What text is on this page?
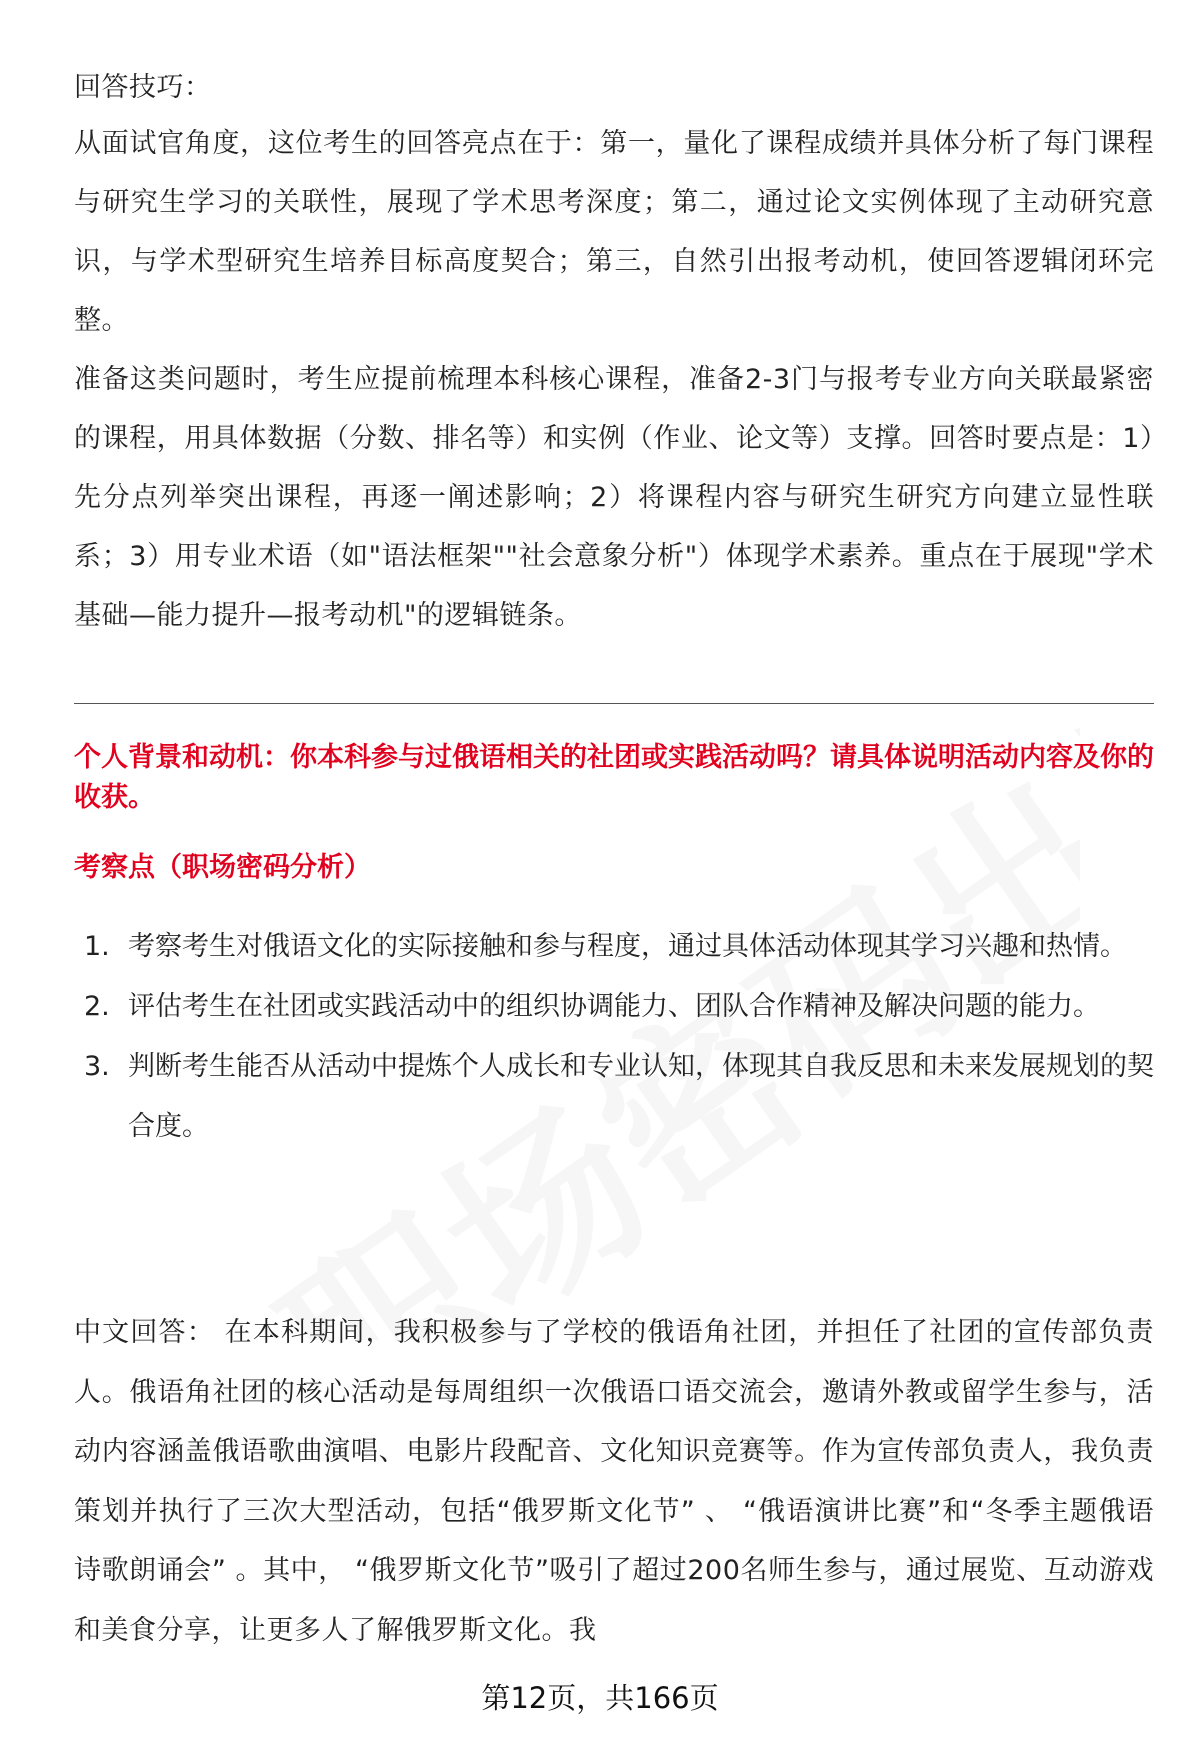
回答技巧：

从面试官角度，这位考生的回答亮点在于：第一，量化了课程成绩并具体分析了每门课程与研究生学习的关联性，展现了学术思考深度；第二，通过论文实例体现了主动研究意识，与学术型研究生培养目标高度契合；第三，自然引出报考动机，使回答逻辑闭环完整。

准备这类问题时，考生应提前梳理本科核心课程，准备2-3门与报考专业方向关联最紧密的课程，用具体数据（分数、排名等）和实例（作业、论文等）支撑。回答时要点是：1）先分点列举突出课程，再逐一阐述影响；2）将课程内容与研究生研究方向建立显性联系；3）用专业术语（如"语法框架""社会意象分析"）体现学术素养。重点在于展现"学术基础—能力提升—报考动机"的逻辑链条。

个人背景和动机：你本科参与过俄语相关的社团或实践活动吗？请具体说明活动内容及你的收获。

考察点（职场密码分析）

1. 考察考生对俄语文化的实际接触和参与程度，通过具体活动体现其学习兴趣和热情。
2. 评估考生在社团或实践活动中的组织协调能力、团队合作精神及解决问题的能力。
3. 判断考生能否从活动中提炼个人成长和专业认知，体现其自我反思和未来发展规划的契合度。

中文回答： 在本科期间，我积极参与了学校的俄语角社团，并担任了社团的宣传部负责人。俄语角社团的核心活动是每周组织一次俄语口语交流会，邀请外教或留学生参与，活动内容涵盖俄语歌曲演唱、电影片段配音、文化知识竞赛等。作为宣传部负责人，我负责策划并执行了三次大型活动，包括“俄罗斯文化节” 、 “俄语演讲比赛”和“冬季主题俄语诗歌朗诵会” 。其中， “俄罗斯文化节”吸引了超过200名师生参与，通过展览、互动游戏和美食分享，让更多人了解俄罗斯文化。我

第12页，共166页
